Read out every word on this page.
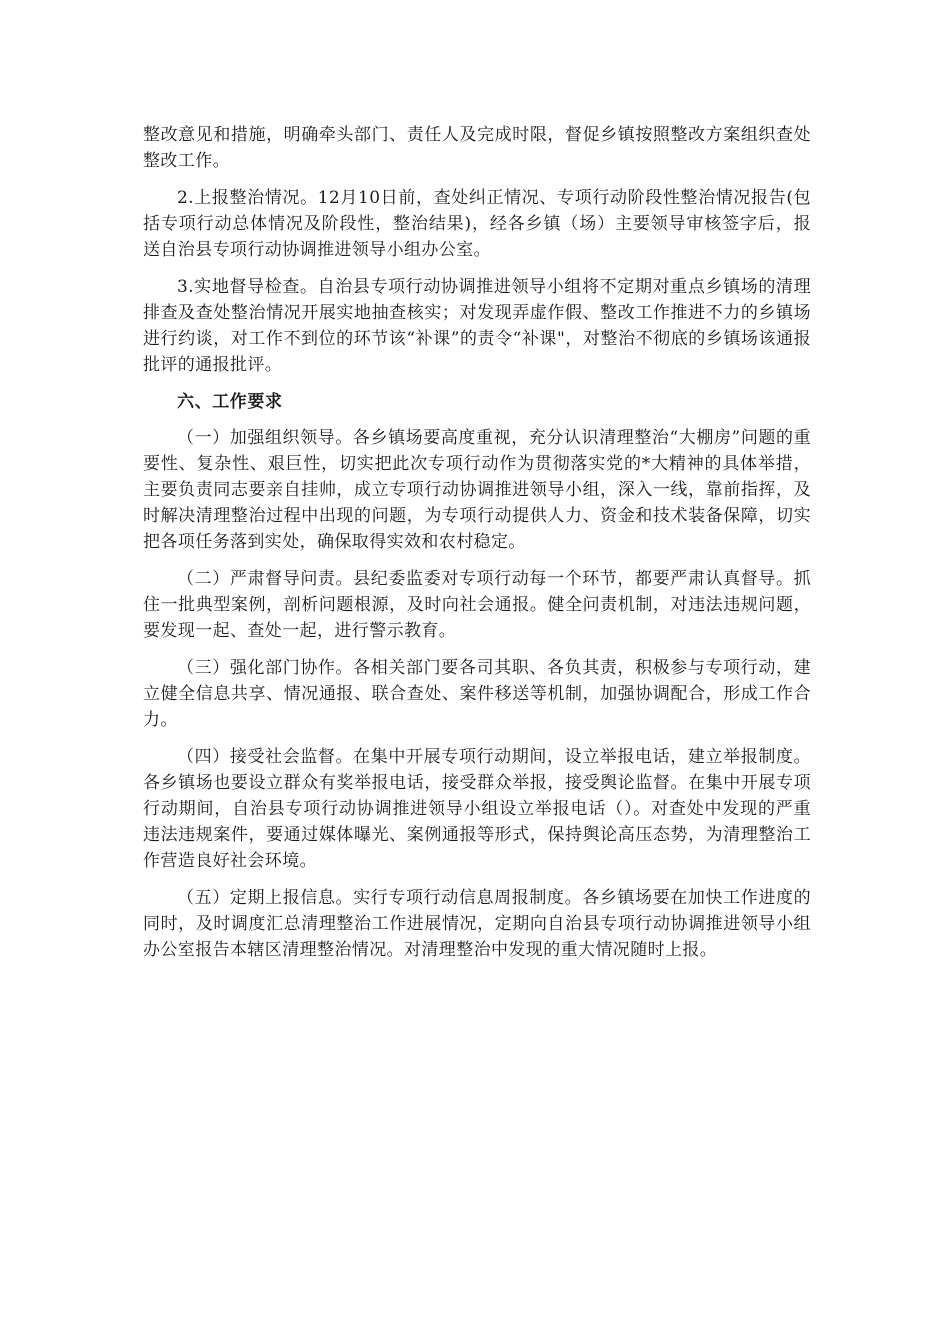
整改意见和措施，明确牵头部门、责任人及完成时限，督促乡镇按照整改方案组织查处整改工作。

2.上报整治情况。12月10日前，查处纠正情况、专项行动阶段性整治情况报告(包括专项行动总体情况及阶段性，整治结果)，经各乡镇（场）主要领导审核签字后，报送自治县专项行动协调推进领导小组办公室。

3.实地督导检查。自治县专项行动协调推进领导小组将不定期对重点乡镇场的清理排查及查处整治情况开展实地抽查核实；对发现弄虚作假、整改工作推进不力的乡镇场进行约谈，对工作不到位的环节该“补课”的责令“补课"，对整治不彻底的乡镇场该通报批评的通报批评。

六、工作要求

（一）加强组织领导。各乡镇场要高度重视，充分认识清理整治“大棚房”问题的重要性、复杂性、艰巨性，切实把此次专项行动作为贯彻落实党的*大精神的具体举措，主要负责同志要亲自挂帅，成立专项行动协调推进领导小组，深入一线，靠前指挥，及时解决清理整治过程中出现的问题，为专项行动提供人力、资金和技术装备保障，切实把各项任务落到实处，确保取得实效和农村稳定。

（二）严肃督导问责。县纪委监委对专项行动每一个环节，都要严肃认真督导。抓住一批典型案例，剖析问题根源，及时向社会通报。健全问责机制，对违法违规问题，要发现一起、查处一起，进行警示教育。

（三）强化部门协作。各相关部门要各司其职、各负其责，积极参与专项行动，建立健全信息共享、情况通报、联合查处、案件移送等机制，加强协调配合，形成工作合力。

（四）接受社会监督。在集中开展专项行动期间，设立举报电话，建立举报制度。各乡镇场也要设立群众有奖举报电话，接受群众举报，接受舆论监督。在集中开展专项行动期间，自治县专项行动协调推进领导小组设立举报电话（）。对查处中发现的严重违法违规案件，要通过媒体曝光、案例通报等形式，保持舆论高压态势，为清理整治工作营造良好社会环境。

（五）定期上报信息。实行专项行动信息周报制度。各乡镇场要在加快工作进度的同时，及时调度汇总清理整治工作进展情况，定期向自治县专项行动协调推进领导小组办公室报告本辖区清理整治情况。对清理整治中发现的重大情况随时上报。
